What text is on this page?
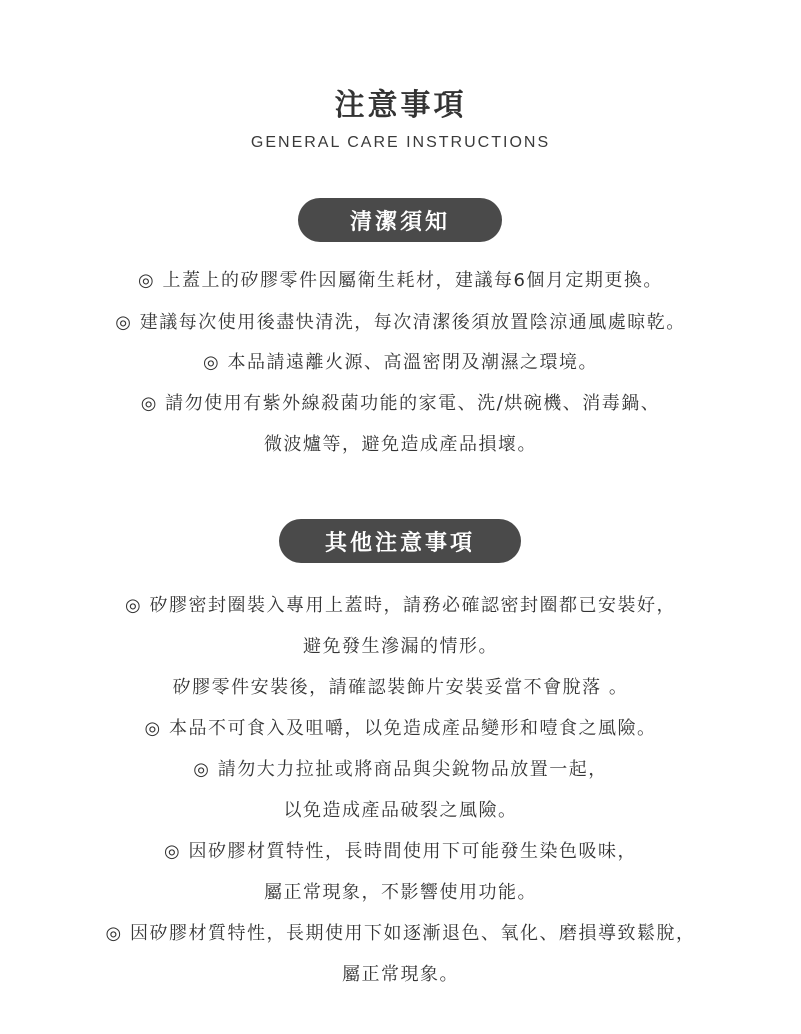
注意事項
GENERAL CARE INSTRUCTIONS
清潔須知
◎ 上蓋上的矽膠零件因屬衛生耗材，建議每6個月定期更換。
◎ 建議每次使用後盡快清洗，每次清潔後須放置陰涼通風處晾乾。
◎ 本品請遠離火源、高溫密閉及潮濕之環境。
◎ 請勿使用有紫外線殺菌功能的家電、洗/烘碗機、消毒鍋、
微波爐等，避免造成產品損壞。
其他注意事項
◎ 矽膠密封圈裝入專用上蓋時，請務必確認密封圈都已安裝好，
避免發生滲漏的情形。
矽膠零件安裝後，請確認裝飾片安裝妥當不會脫落 。
◎ 本品不可食入及咀嚼，以免造成產品變形和噎食之風險。
◎ 請勿大力拉扯或將商品與尖銳物品放置一起，
以免造成產品破裂之風險。
◎ 因矽膠材質特性，長時間使用下可能發生染色吸味，
屬正常現象，不影響使用功能。
◎ 因矽膠材質特性，長期使用下如逐漸退色、氧化、磨損導致鬆脫，
屬正常現象。
